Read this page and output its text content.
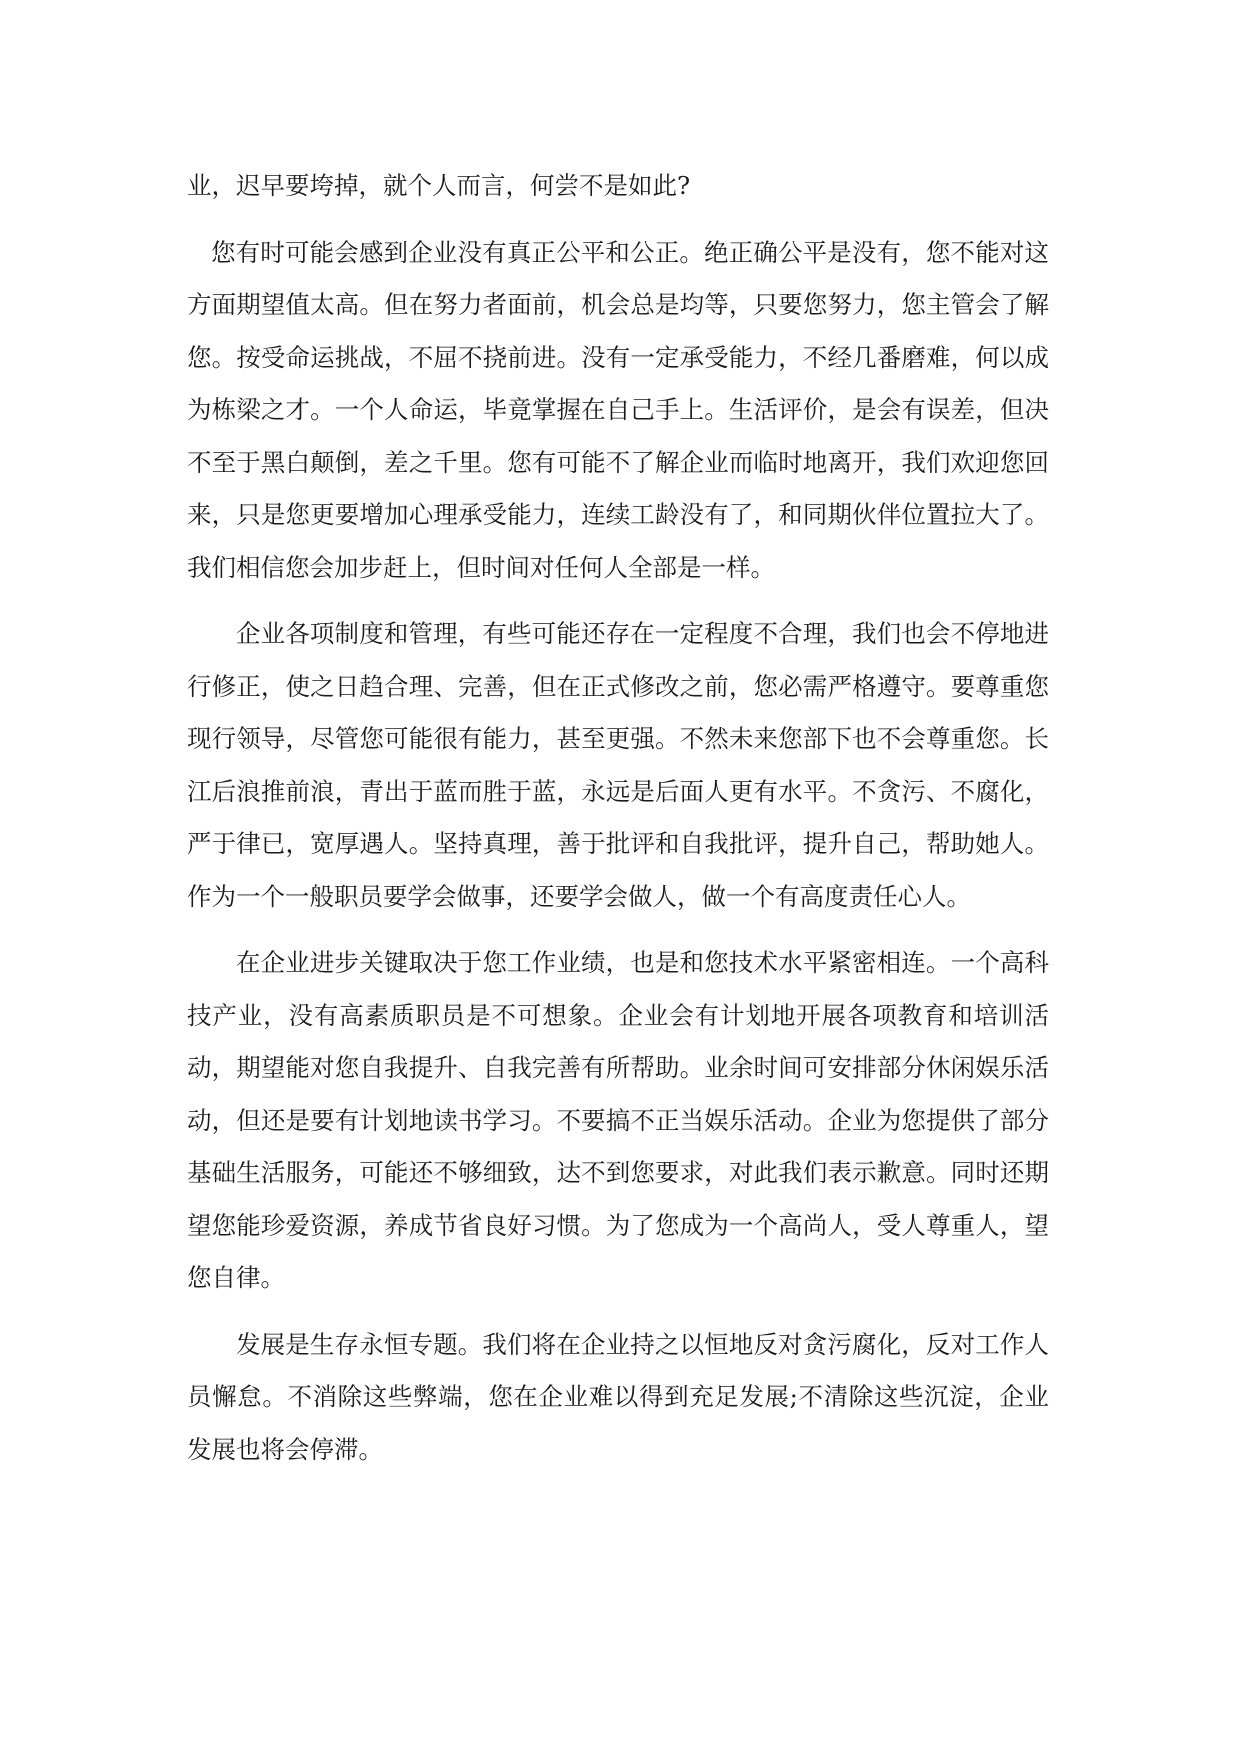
业，迟早要垮掉，就个人而言，何尝不是如此?

您有时可能会感到企业没有真正公平和公正。绝正确公平是没有，您不能对这方面期望值太高。但在努力者面前，机会总是均等，只要您努力，您主管会了解您。按受命运挑战，不屈不挠前进。没有一定承受能力，不经几番磨难，何以成为栋梁之才。一个人命运，毕竟掌握在自己手上。生活评价，是会有误差，但决不至于黑白颠倒，差之千里。您有可能不了解企业而临时地离开，我们欢迎您回来，只是您更要增加心理承受能力，连续工龄没有了，和同期伙伴位置拉大了。我们相信您会加步赶上，但时间对任何人全部是一样。

企业各项制度和管理，有些可能还存在一定程度不合理，我们也会不停地进行修正，使之日趋合理、完善，但在正式修改之前，您必需严格遵守。要尊重您现行领导，尽管您可能很有能力，甚至更强。不然未来您部下也不会尊重您。长江后浪推前浪，青出于蓝而胜于蓝，永远是后面人更有水平。不贪污、不腐化，严于律已，宽厚遇人。坚持真理，善于批评和自我批评，提升自己，帮助她人。作为一个一般职员要学会做事，还要学会做人，做一个有高度责任心人。

在企业进步关键取决于您工作业绩，也是和您技术水平紧密相连。一个高科技产业，没有高素质职员是不可想象。企业会有计划地开展各项教育和培训活动，期望能对您自我提升、自我完善有所帮助。业余时间可安排部分休闲娱乐活动，但还是要有计划地读书学习。不要搞不正当娱乐活动。企业为您提供了部分基础生活服务，可能还不够细致，达不到您要求，对此我们表示歉意。同时还期望您能珍爱资源，养成节省良好习惯。为了您成为一个高尚人，受人尊重人，望您自律。

发展是生存永恒专题。我们将在企业持之以恒地反对贪污腐化，反对工作人员懈怠。不消除这些弊端，您在企业难以得到充足发展;不清除这些沉淀，企业发展也将会停滞。
